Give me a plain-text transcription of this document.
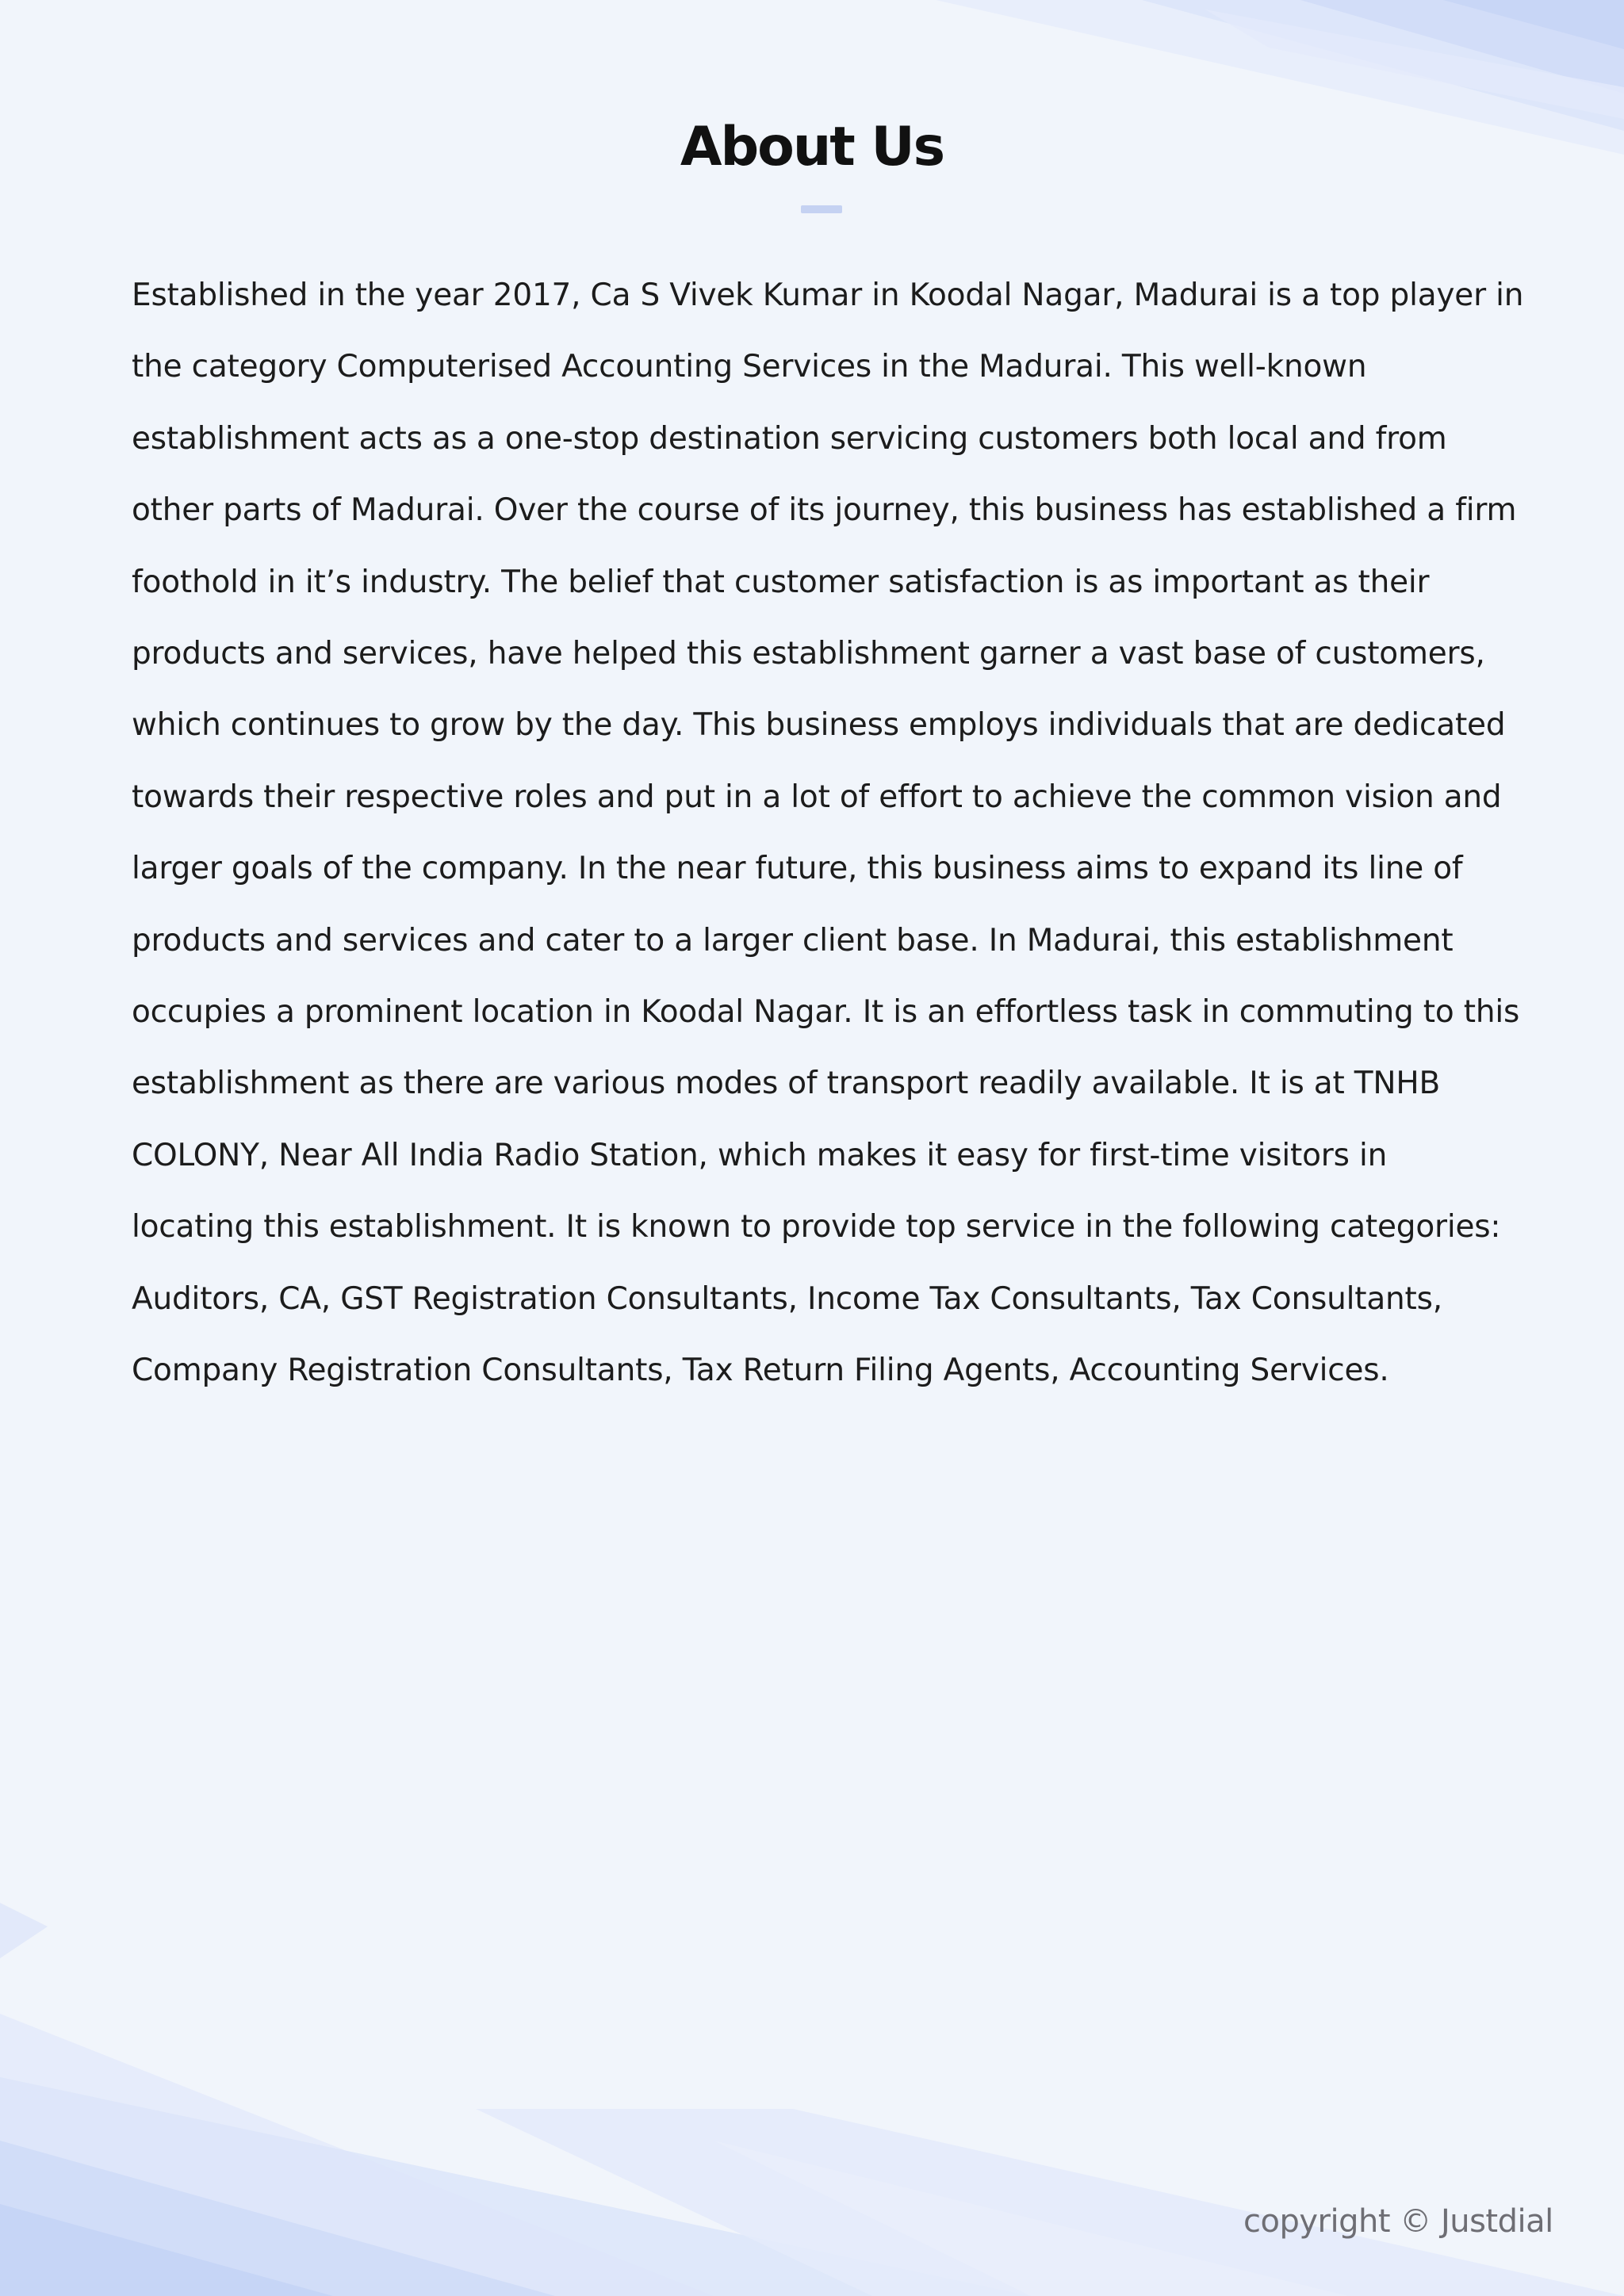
About Us

Established in the year 2017, Ca S Vivek Kumar in Koodal Nagar, Madurai is a top player in
the category Computerised Accounting Services in the Madurai. This well-known
establishment acts as a one-stop destination servicing customers both local and from
other parts of Madurai. Over the course of its journey, this business has established a firm
foothold in it’s industry. The belief that customer satisfaction is as important as their
products and services, have helped this establishment garner a vast base of customers,
which continues to grow by the day. This business employs individuals that are dedicated
towards their respective roles and put in a lot of effort to achieve the common vision and
larger goals of the company. In the near future, this business aims to expand its line of
products and services and cater to a larger client base. In Madurai, this establishment
occupies a prominent location in Koodal Nagar. It is an effortless task in commuting to this
establishment as there are various modes of transport readily available. It is at TNHB
COLONY, Near All India Radio Station, which makes it easy for first-time visitors in
locating this establishment. It is known to provide top service in the following categories:
Auditors, CA, GST Registration Consultants, Income Tax Consultants, Tax Consultants,
Company Registration Consultants, Tax Return Filing Agents, Accounting Services.

copyright © Justdial
